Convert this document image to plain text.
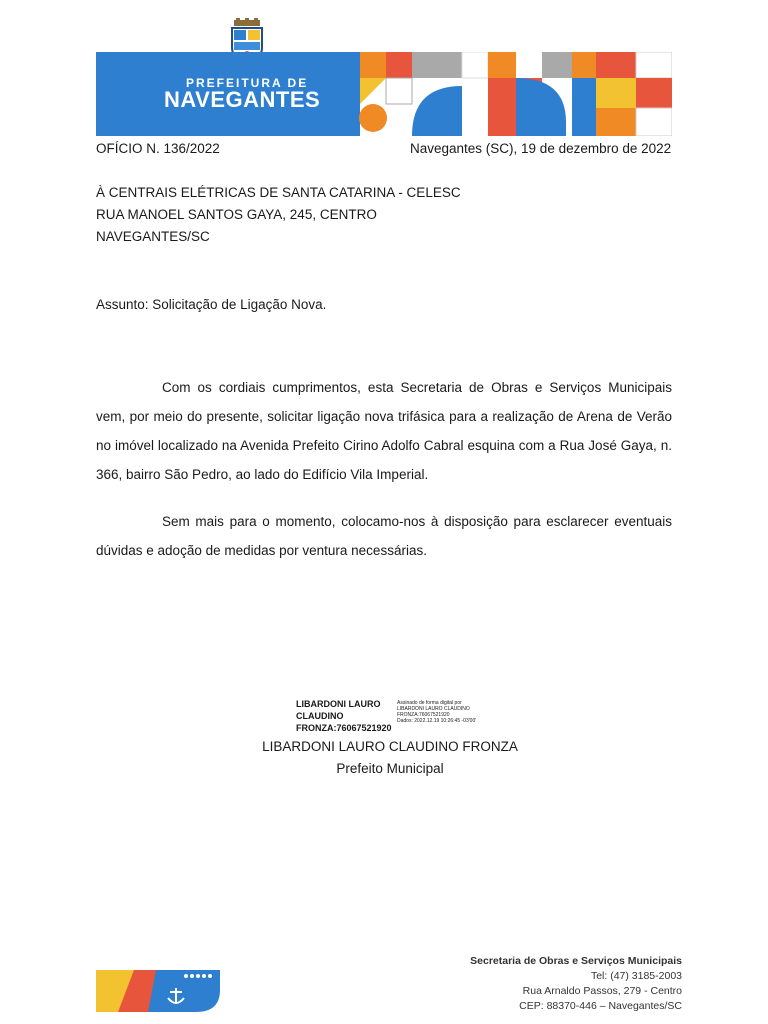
PREFEITURA DE
NAVEGANTES
OFÍCIO N. 136/2022	Navegantes (SC), 19 de dezembro de 2022
À CENTRAIS ELÉTRICAS DE SANTA CATARINA - CELESC
RUA MANOEL SANTOS GAYA, 245, CENTRO
NAVEGANTES/SC
Assunto: Solicitação de Ligação Nova.
Com os cordiais cumprimentos, esta Secretaria de Obras e Serviços Municipais vem, por meio do presente, solicitar ligação nova trifásica para a realização de Arena de Verão no imóvel localizado na Avenida Prefeito Cirino Adolfo Cabral esquina com a Rua José Gaya, n. 366, bairro São Pedro, ao lado do Edifício Vila Imperial.
Sem mais para o momento, colocamo-nos à disposição para esclarecer eventuais dúvidas e adoção de medidas por ventura necessárias.
LIBARDONI LAURO
CLAUDINO
FRONZA:76067521920
Assinado de forma digital por
LIBARDONI LAURO CLAUDINO
FRONZA:76067521920
Dados: 2022.12.19 10:26:45 -03'00'
LIBARDONI LAURO CLAUDINO FRONZA
Prefeito Municipal
Secretaria de Obras e Serviços Municipais
Tel: (47) 3185-2003
Rua Arnaldo Passos, 279 - Centro
CEP: 88370-446 – Navegantes/SC
